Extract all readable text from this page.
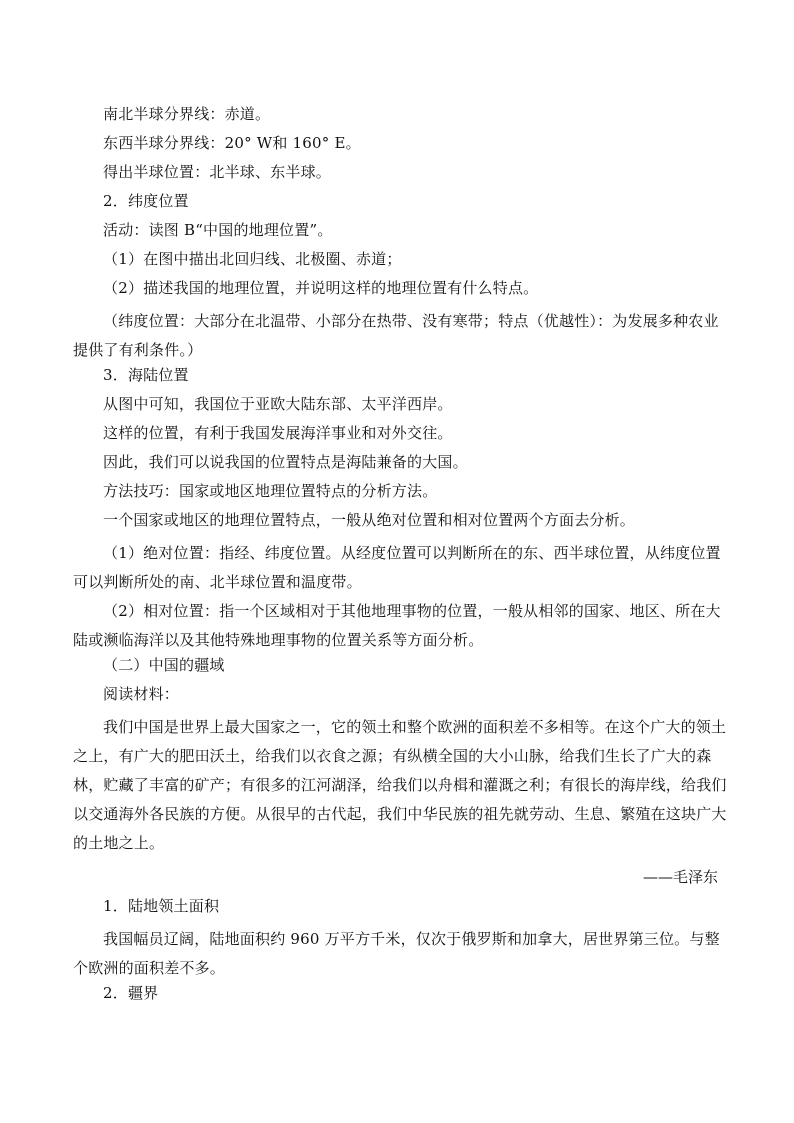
南北半球分界线：赤道。
东西半球分界线：20° W和 160° E。
得出半球位置：北半球、东半球。
2．纬度位置
活动：读图 B“中国的地理位置”。
（1）在图中描出北回归线、北极圈、赤道；
（2）描述我国的地理位置，并说明这样的地理位置有什么特点。
（纬度位置：大部分在北温带、小部分在热带、没有寒带；特点（优越性）：为发展多种农业提供了有利条件。）
3．海陆位置
从图中可知，我国位于亚欧大陆东部、太平洋西岸。
这样的位置，有利于我国发展海洋事业和对外交往。
因此，我们可以说我国的位置特点是海陆兼备的大国。
方法技巧：国家或地区地理位置特点的分析方法。
一个国家或地区的地理位置特点，一般从绝对位置和相对位置两个方面去分析。
（1）绝对位置：指经、纬度位置。从经度位置可以判断所在的东、西半球位置，从纬度位置可以判断所处的南、北半球位置和温度带。
（2）相对位置：指一个区域相对于其他地理事物的位置，一般从相邻的国家、地区、所在大陆或濒临海洋以及其他特殊地理事物的位置关系等方面分析。
（二）中国的疆域
阅读材料：
我们中国是世界上最大国家之一，它的领土和整个欧洲的面积差不多相等。在这个广大的领土之上，有广大的肥田沃土，给我们以衣食之源；有纵横全国的大小山脉，给我们生长了广大的森林，贮藏了丰富的矿产；有很多的江河湖泽，给我们以舟楫和灌溉之利；有很长的海岸线，给我们以交通海外各民族的方便。从很早的古代起，我们中华民族的祖先就劳动、生息、繁殖在这块广大的土地之上。
——毛泽东
1．陆地领土面积
我国幅员辽阔，陆地面积约 960 万平方千米，仅次于俄罗斯和加拿大，居世界第三位。与整个欧洲的面积差不多。
2．疆界
